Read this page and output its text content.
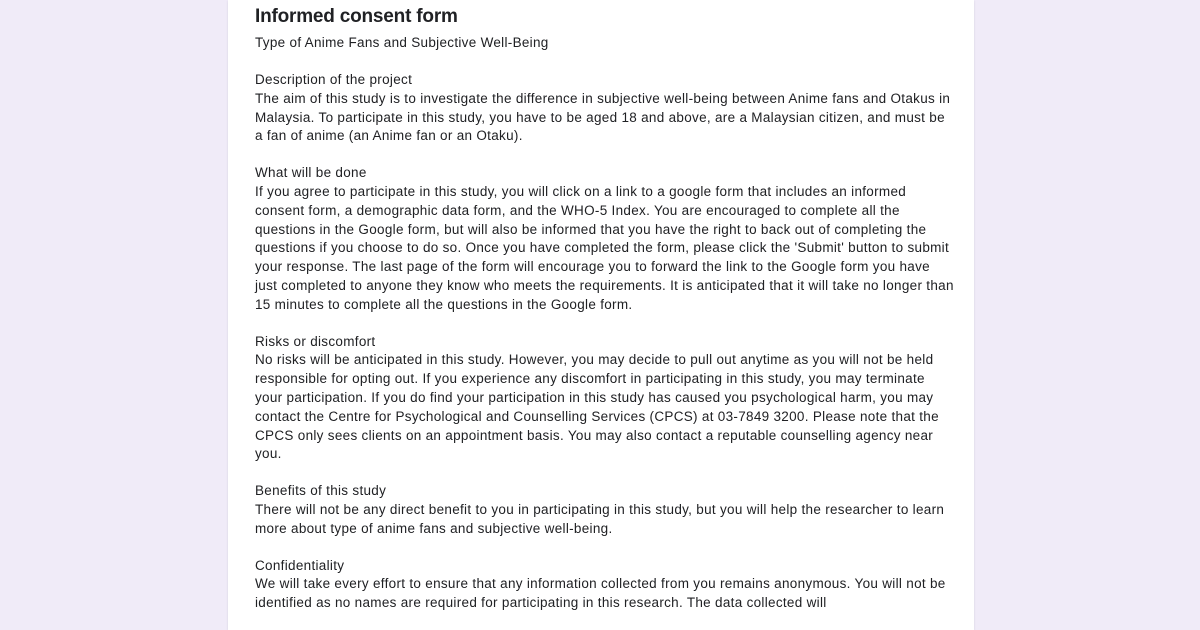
Informed consent form
Type of Anime Fans and Subjective Well-Being

Description of the project

The aim of this study is to investigate the difference in subjective well-being between Anime fans and Otakus in Malaysia. To participate in this study, you have to be aged 18 and above, are a Malaysian citizen, and must be a fan of anime (an Anime fan or an Otaku).

What will be done

If you agree to participate in this study, you will click on a link to a google form that includes an informed consent form, a demographic data form, and the WHO-5 Index. You are encouraged to complete all the questions in the Google form, but will also be informed that you have the right to back out of completing the questions if you choose to do so. Once you have completed the form, please click the 'Submit' button to submit your response. The last page of the form will encourage you to forward the link to the Google form you have just completed to anyone they know who meets the requirements. It is anticipated that it will take no longer than 15 minutes to complete all the questions in the Google form.

Risks or discomfort

No risks will be anticipated in this study. However, you may decide to pull out anytime as you will not be held responsible for opting out. If you experience any discomfort in participating in this study, you may terminate your participation. If you do find your participation in this study has caused you psychological harm, you may contact the Centre for Psychological and Counselling Services (CPCS) at 03-7849 3200. Please note that the CPCS only sees clients on an appointment basis. You may also contact a reputable counselling agency near you.

Benefits of this study

There will not be any direct benefit to you in participating in this study, but you will help the researcher to learn more about type of anime fans and subjective well-being.

Confidentiality

We will take every effort to ensure that any information collected from you remains anonymous. You will not be identified as no names are required for participating in this research. The data collected will
